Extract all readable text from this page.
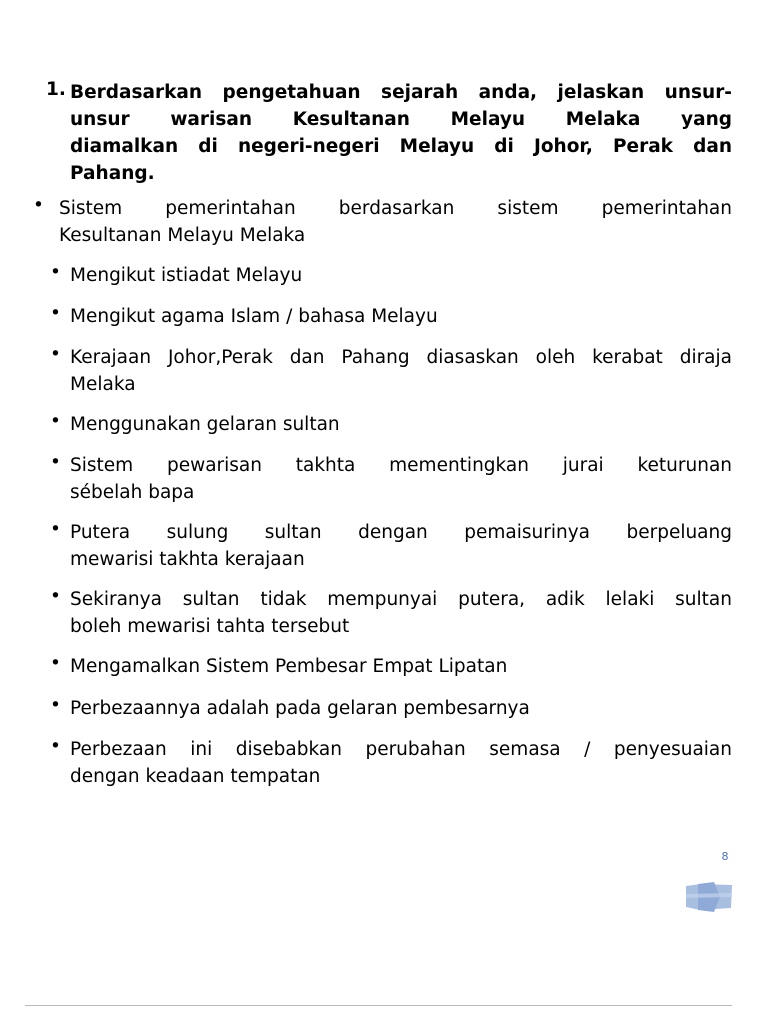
1. Berdasarkan pengetahuan sejarah anda, jelaskan unsur-
unsur warisan Kesultanan Melayu Melaka yang
diamalkan di negeri-negeri Melayu di Johor, Perak dan
Pahang.
• Sistem pemerintahan berdasarkan sistem pemerintahan
Kesultanan Melayu Melaka
• Mengikut istiadat Melayu
• Mengikut agama Islam / bahasa Melayu
• Kerajaan Johor,Perak dan Pahang diasaskan oleh kerabat diraja
Melaka
• Menggunakan gelaran sultan
• Sistem pewarisan takhta mementingkan jurai keturunan
sébelah bapa
• Putera sulung sultan dengan pemaisurinya berpeluang
mewarisi takhta kerajaan
• Sekiranya sultan tidak mempunyai putera, adik lelaki sultan
boleh mewarisi tahta tersebut
• Mengamalkan Sistem Pembesar Empat Lipatan
• Perbezaannya adalah pada gelaran pembesarnya
• Perbezaan ini disebabkan perubahan semasa / penyesuaian
dengan keadaan tempatan
8
